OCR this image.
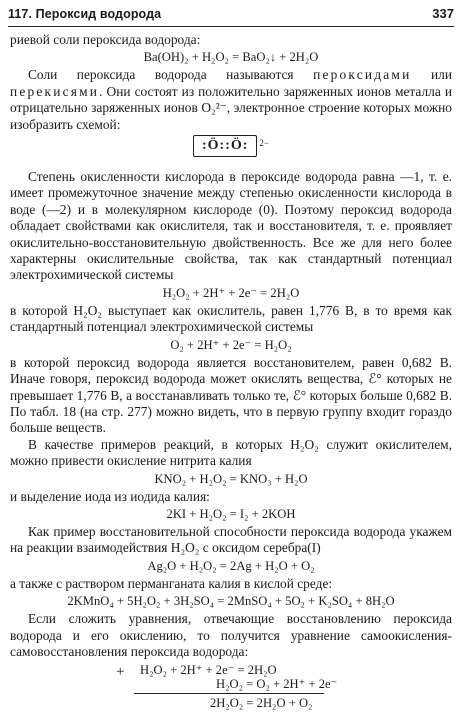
117. Пероксид водорода	337

риевой соли пероксида водорода:

Ba(OH)₂ + H₂O₂ = BaO₂↓ + 2H₂O

Соли пероксида водорода называются пероксидами или перекисями. Они состоят из положительно заряженных ионов металла и отрицательно заряженных ионов O₂²⁻, электронное строение которых можно изобразить схемой:

:Ö::Ö: $^{2-}$

Степень окисленности кислорода в пероксиде водорода равна —1, т. е. имеет промежуточное значение между степенью окисленности кислорода в воде (—2) и в молекулярном кислороде (0). Поэтому пероксид водорода обладает свойствами как окислителя, так и восстановителя, т. е. проявляет окислительно-восстановительную двойственность. Все же для него более характерны окислительные свойства, так как стандартный потенциал электрохимической системы

H₂O₂ + 2H⁺ + 2e⁻ = 2H₂O

в которой H₂O₂ выступает как окислитель, равен 1,776 В, в то время как стандартный потенциал электрохимической системы

O₂ + 2H⁺ + 2e⁻ = H₂O₂

в которой пероксид водорода является восстановителем, равен 0,682 В. Иначе говоря, пероксид водорода может окислять вещества, ℰ° которых не превышает 1,776 В, а восстанавливать только те, ℰ° которых больше 0,682 В. По табл. 18 (на стр. 277) можно видеть, что в первую группу входит гораздо больше веществ.

В качестве примеров реакций, в которых H₂O₂ служит окислителем, можно привести окисление нитрита калия

KNO₂ + H₂O₂ = KNO₃ + H₂O

и выделение иода из иодида калия:

2KI + H₂O₂ = I₂ + 2KOH

Как пример восстановительной способности пероксида водорода укажем на реакции взаимодействия H₂O₂ с оксидом серебра(I)

Ag₂O + H₂O₂ = 2Ag + H₂O + O₂

а также с раствором перманганата калия в кислой среде:

2KMnO₄ + 5H₂O₂ + 3H₂SO₄ = 2MnSO₄ + 5O₂ + K₂SO₄ + 8H₂O

Если сложить уравнения, отвечающие восстановлению пероксида водорода и его окислению, то получится уравнение самоокисления-самовосстановления пероксида водорода:

+ H₂O₂ + 2H⁺ + 2e⁻ = 2H₂O
H₂O₂ = O₂ + 2H⁺ + 2e⁻
2H₂O₂ = 2H₂O + O₂
